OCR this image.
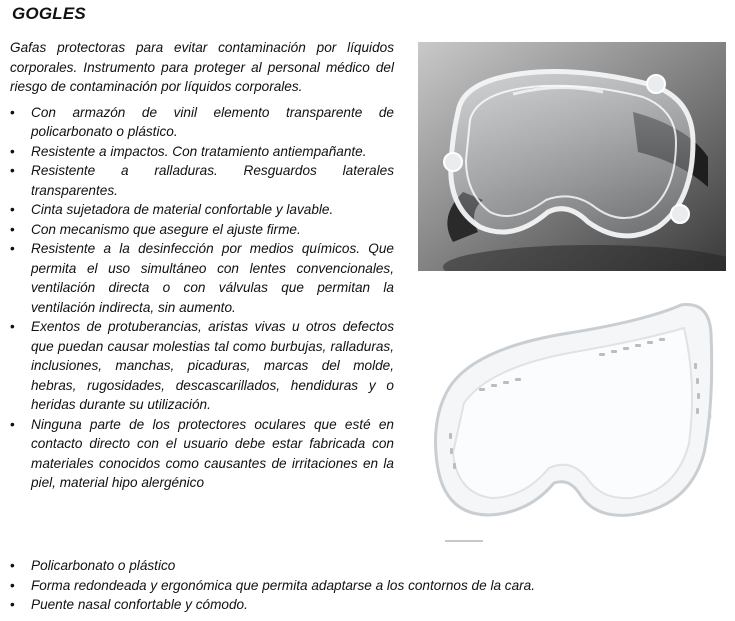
GOGLES

Gafas protectoras para evitar contaminación por líquidos corporales. Instrumento para proteger al personal médico del riesgo de contaminación por líquidos corporales.

• Con armazón de vinil elemento transparente de policarbonato o plástico.
• Resistente a impactos. Con tratamiento antiempañante.
• Resistente a ralladuras. Resguardos laterales transparentes.
• Cinta sujetadora de material confortable y lavable.
• Con mecanismo que asegure el ajuste firme.
• Resistente a la desinfección por medios químicos. Que permita el uso simultáneo con lentes convencionales, ventilación directa o con válvulas que permitan la ventilación indirecta, sin aumento.
• Exentos de protuberancias, aristas vivas u otros defectos que puedan causar molestias tal como burbujas, ralladuras, inclusiones, manchas, picaduras, marcas del molde, hebras, rugosidades, descascarillados, hendiduras y o heridas durante su utilización.
• Ninguna parte de los protectores oculares que esté en contacto directo con el usuario debe estar fabricada con materiales conocidos como causantes de irritaciones en la piel, material hipo alergénico
• Policarbonato o plástico
• Forma redondeada y ergonómica que permita adaptarse a los contornos de la cara.
• Puente nasal confortable y cómodo.
